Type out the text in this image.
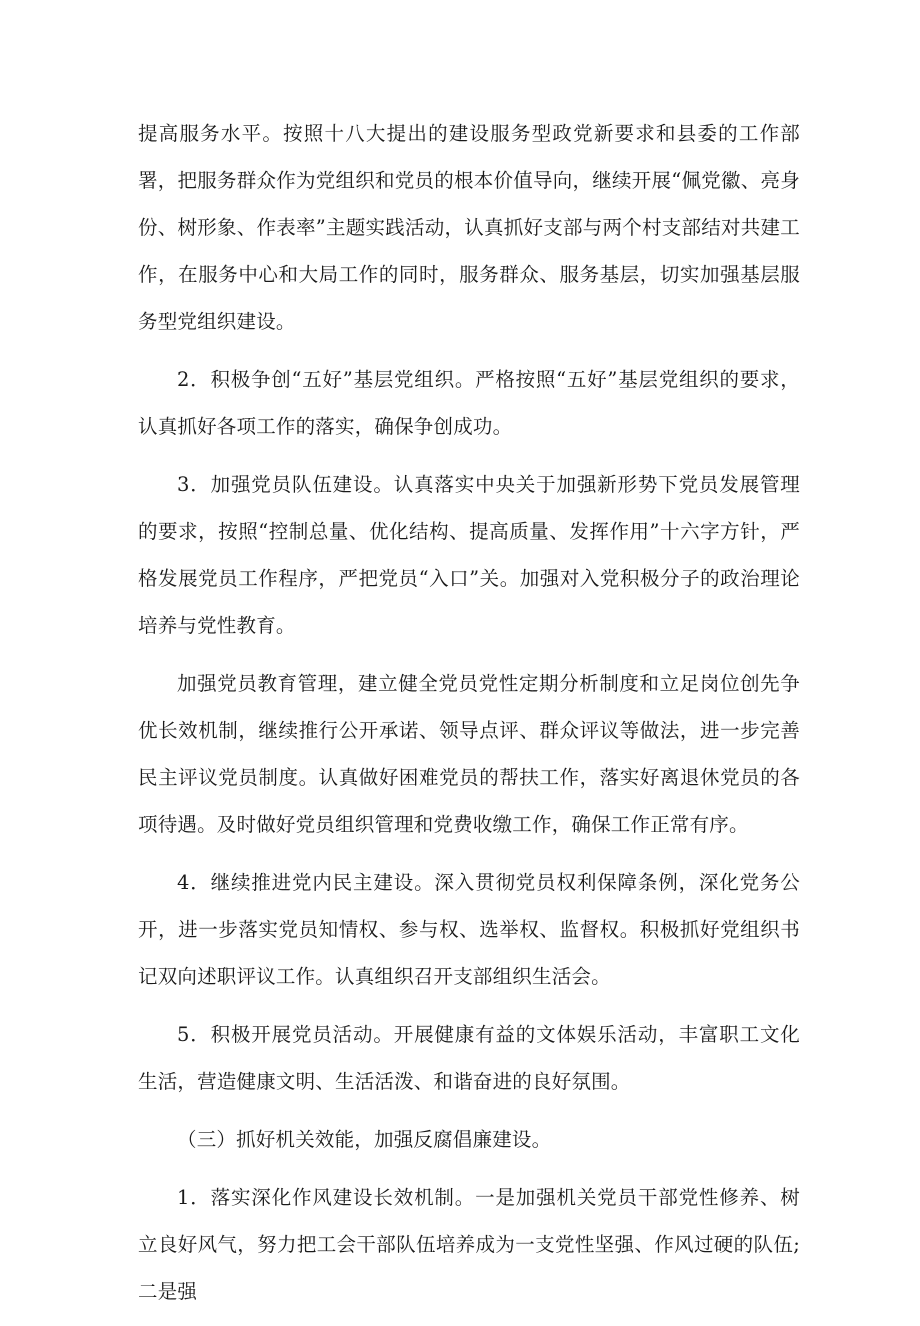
提高服务水平。按照十八大提出的建设服务型政党新要求和县委的工作部署，把服务群众作为党组织和党员的根本价值导向，继续开展“佩党徽、亮身份、树形象、作表率”主题实践活动，认真抓好支部与两个村支部结对共建工作，在服务中心和大局工作的同时，服务群众、服务基层，切实加强基层服务型党组织建设。

2．积极争创“五好”基层党组织。严格按照“五好”基层党组织的要求，认真抓好各项工作的落实，确保争创成功。

3．加强党员队伍建设。认真落实中央关于加强新形势下党员发展管理的要求，按照“控制总量、优化结构、提高质量、发挥作用”十六字方针，严格发展党员工作程序，严把党员“入口”关。加强对入党积极分子的政治理论培养与党性教育。

加强党员教育管理，建立健全党员党性定期分析制度和立足岗位创先争优长效机制，继续推行公开承诺、领导点评、群众评议等做法，进一步完善民主评议党员制度。认真做好困难党员的帮扶工作，落实好离退休党员的各项待遇。及时做好党员组织管理和党费收缴工作，确保工作正常有序。

4．继续推进党内民主建设。深入贯彻党员权利保障条例，深化党务公开，进一步落实党员知情权、参与权、选举权、监督权。积极抓好党组织书记双向述职评议工作。认真组织召开支部组织生活会。

5．积极开展党员活动。开展健康有益的文体娱乐活动，丰富职工文化生活，营造健康文明、生活活泼、和谐奋进的良好氛围。

（三）抓好机关效能，加强反腐倡廉建设。

1．落实深化作风建设长效机制。一是加强机关党员干部党性修养、树立良好风气，努力把工会干部队伍培养成为一支党性坚强、作风过硬的队伍;二是强
